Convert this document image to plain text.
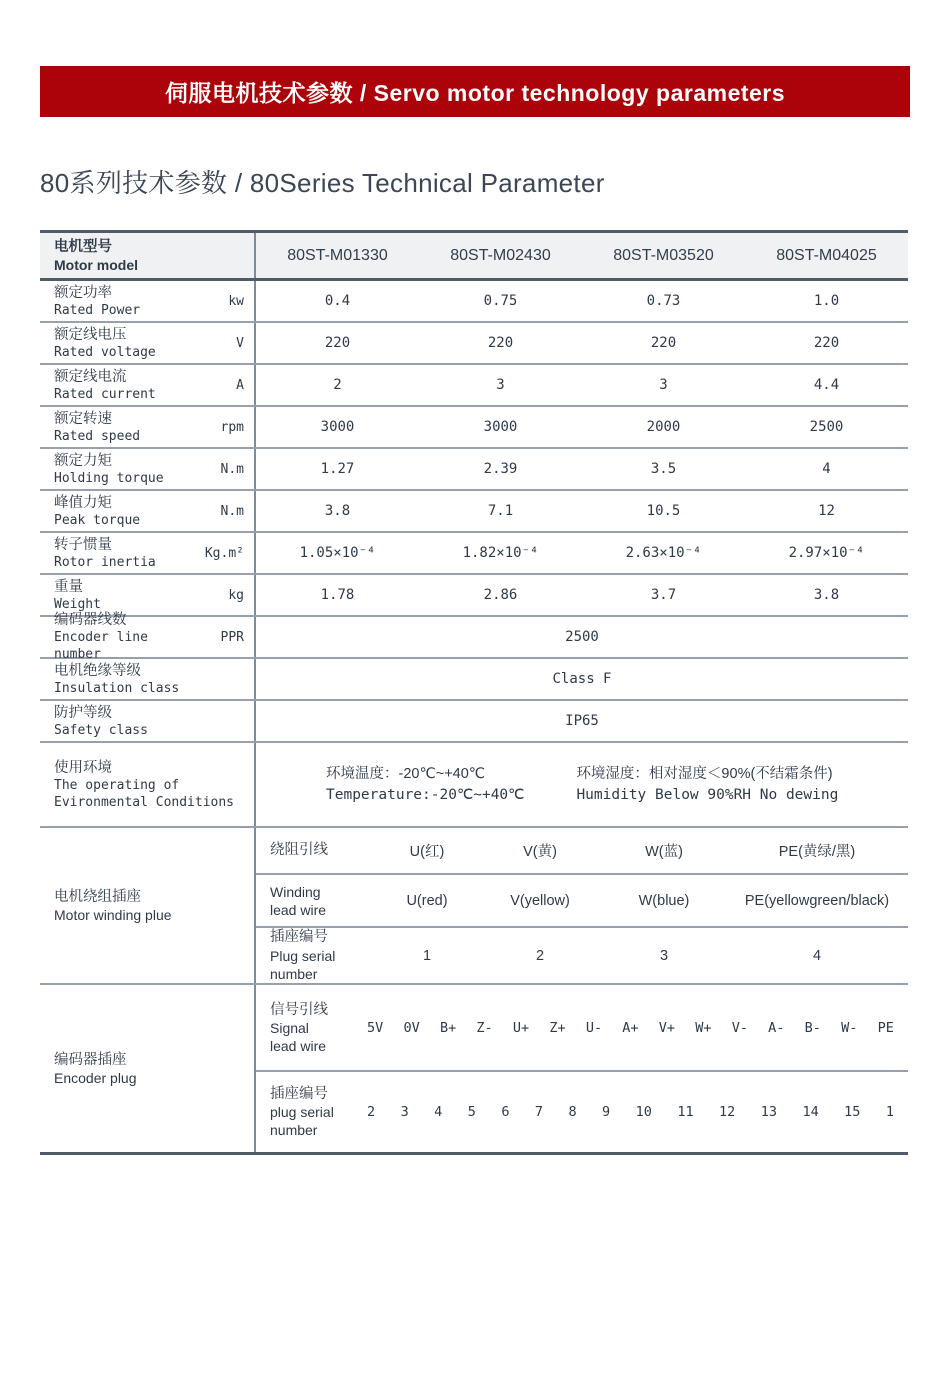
伺服电机技术参数 / Servo motor technology parameters
80系列技术参数 / 80Series Technical Parameter
电机型号
Motor model
80ST-M01330	80ST-M02430	80ST-M03520	80ST-M04025
额定功率
Rated Power
kw	0.4	0.75	0.73	1.0
额定线电压
Rated voltage
V	220	220	220	220
额定线电流
Rated current
A	2	3	3	4.4
额定转速
Rated speed
rpm	3000	3000	2000	2500
额定力矩
Holding torque
N.m	1.27	2.39	3.5	4
峰值力矩
Peak torque
N.m	3.8	7.1	10.5	12
转子惯量
Rotor inertia
Kg.m²	1.05×10⁻⁴	1.82×10⁻⁴	2.63×10⁻⁴	2.97×10⁻⁴
重量
Weight
kg	1.78	2.86	3.7	3.8
编码器线数
Encoder line number
PPR	2500
电机绝缘等级
Insulation class
Class F
防护等级
Safety class
IP65
使用环境
The operating of
Evironmental Conditions
环境温度：-20℃~+40℃
Temperature:-20℃~+40℃
环境湿度：相对湿度＜90%(不结霜条件)
Humidity Below 90%RH No dewing
电机绕组插座
Motor winding plue
绕阻引线	U(红)	V(黄)	W(蓝)	PE(黄绿/黑)
Winding
lead wire
U(red)	V(yellow)	W(blue)	PE(yellowgreen/black)
插座编号
Plug serial
number
1	2	3	4
编码器插座
Encoder plug
信号引线
Signal
lead wire
5V 0V B+ Z- U+ Z+ U- A+ V+ W+ V- A- B- W- PE
插座编号
plug serial
number
2 3 4 5 6 7 8 9 10 11 12 13 14 15 1
